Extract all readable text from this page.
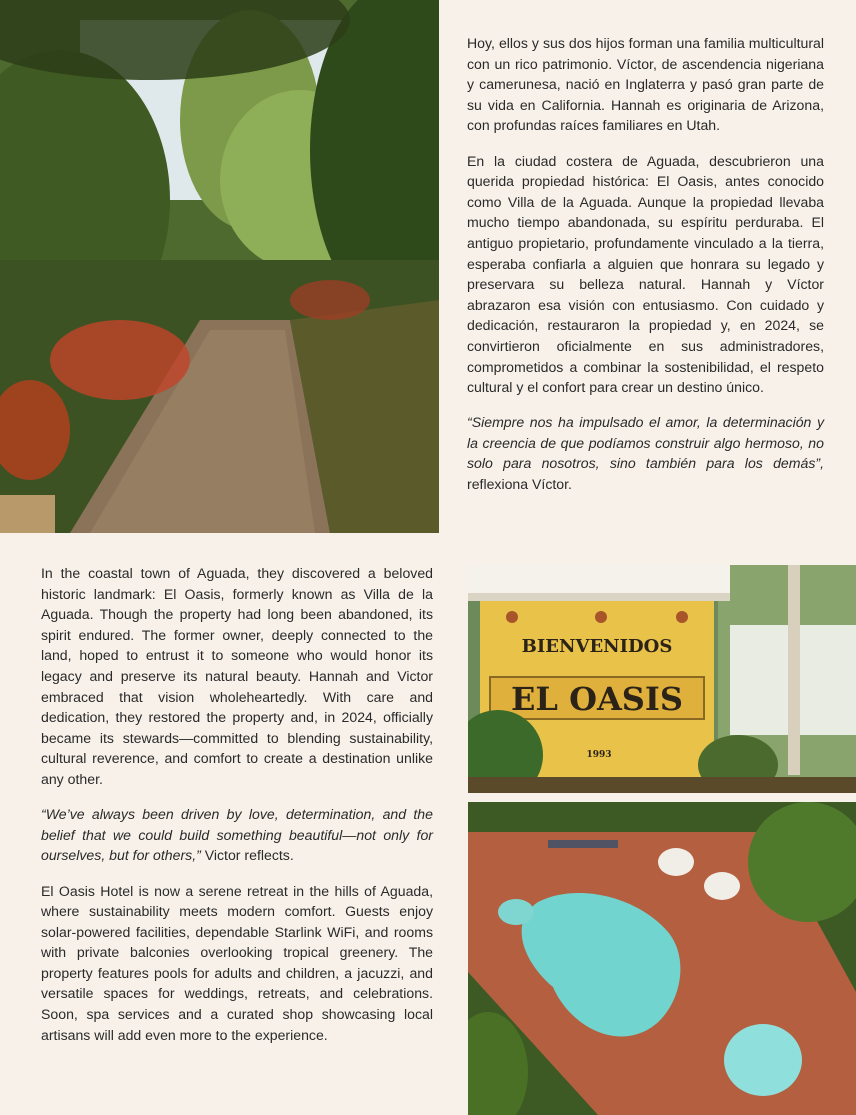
Hoy, ellos y sus dos hijos forman una familia multicultural con un rico patrimonio. Víctor, de ascendencia nigeriana y camerunesa, nació en Inglaterra y pasó gran parte de su vida en California. Hannah es originaria de Arizona, con profundas raíces familiares en Utah.

En la ciudad costera de Aguada, descubrieron una querida propiedad histórica: El Oasis, antes conocido como Villa de la Aguada. Aunque la propiedad llevaba mucho tiempo abandonada, su espíritu perduraba. El antiguo propietario, profundamente vinculado a la tierra, esperaba confiarla a alguien que honrara su legado y preservara su belleza natural. Hannah y Víctor abrazaron esa visión con entusiasmo. Con cuidado y dedicación, restauraron la propiedad y, en 2024, se convirtieron oficialmente en sus administradores, comprometidos a combinar la sostenibilidad, el respeto cultural y el confort para crear un destino único.

“Siempre nos ha impulsado el amor, la determinación y la creencia de que podíamos construir algo hermoso, no solo para nosotros, sino también para los demás”, reflexiona Víctor.

In the coastal town of Aguada, they discovered a beloved historic landmark: El Oasis, formerly known as Villa de la Aguada. Though the property had long been abandoned, its spirit endured. The former owner, deeply connected to the land, hoped to entrust it to someone who would honor its legacy and preserve its natural beauty. Hannah and Victor embraced that vision wholeheartedly. With care and dedication, they restored the property and, in 2024, officially became its stewards—committed to blending sustainability, cultural reverence, and comfort to create a destination unlike any other.

“We’ve always been driven by love, determination, and the belief that we could build something beautiful—not only for ourselves, but for others,” Victor reflects.

El Oasis Hotel is now a serene retreat in the hills of Aguada, where sustainability meets modern comfort. Guests enjoy solar-powered facilities, dependable Starlink WiFi, and rooms with private balconies overlooking tropical greenery. The property features pools for adults and children, a jacuzzi, and versatile spaces for weddings, retreats, and celebrations. Soon, spa services and a curated shop showcasing local artisans will add even more to the experience.

BIENVENIDOS
EL OASIS
1993
